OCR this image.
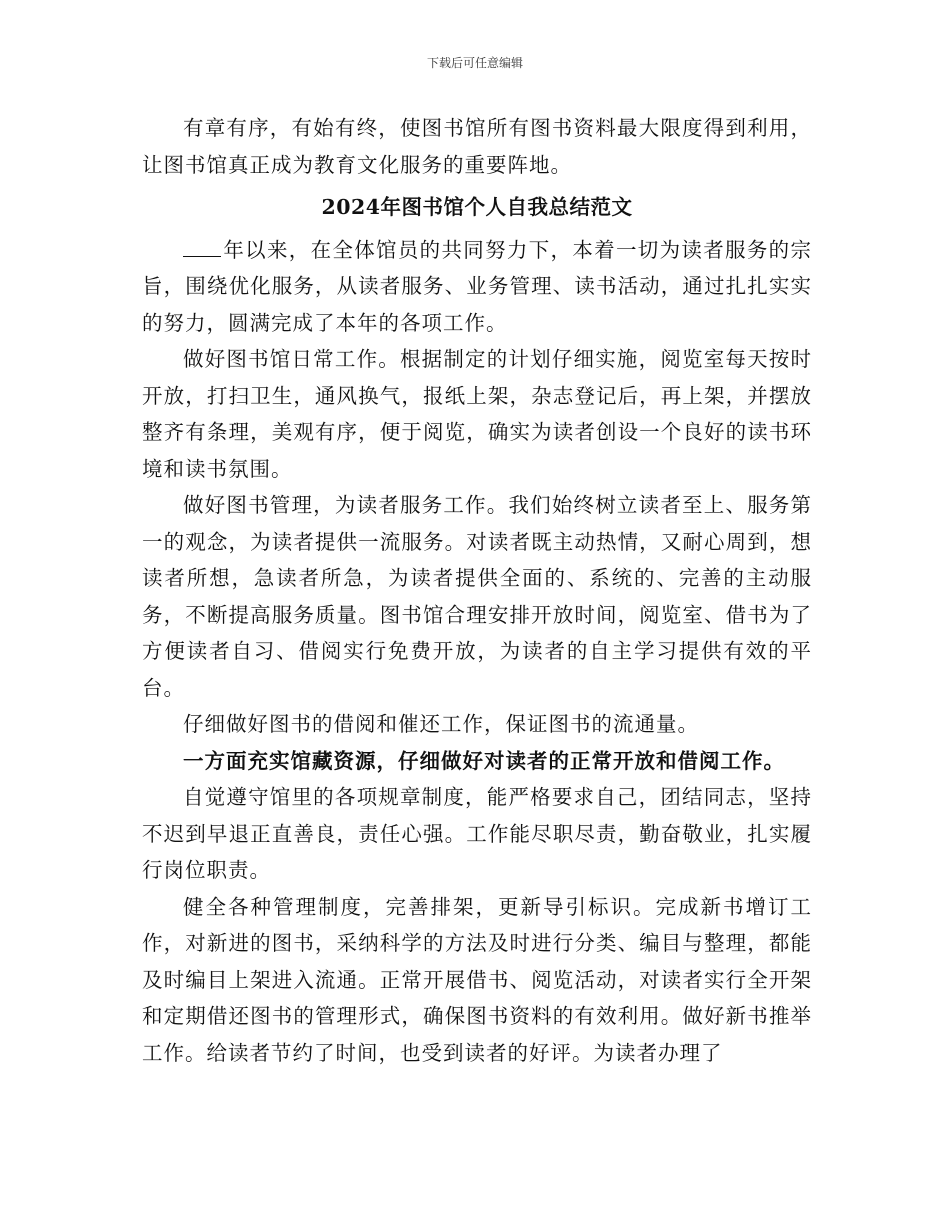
下载后可任意编辑

有章有序，有始有终，使图书馆所有图书资料最大限度得到利用，让图书馆真正成为教育文化服务的重要阵地。

2024年图书馆个人自我总结范文

年以来，在全体馆员的共同努力下，本着一切为读者服务的宗旨，围绕优化服务，从读者服务、业务管理、读书活动，通过扎扎实实的努力，圆满完成了本年的各项工作。

做好图书馆日常工作。根据制定的计划仔细实施，阅览室每天按时开放，打扫卫生，通风换气，报纸上架，杂志登记后，再上架，并摆放整齐有条理，美观有序，便于阅览，确实为读者创设一个良好的读书环境和读书氛围。

做好图书管理，为读者服务工作。我们始终树立读者至上、服务第一的观念，为读者提供一流服务。对读者既主动热情，又耐心周到，想读者所想，急读者所急，为读者提供全面的、系统的、完善的主动服务，不断提高服务质量。图书馆合理安排开放时间，阅览室、借书为了方便读者自习、借阅实行免费开放，为读者的自主学习提供有效的平台。

仔细做好图书的借阅和催还工作，保证图书的流通量。

一方面充实馆藏资源，仔细做好对读者的正常开放和借阅工作。

自觉遵守馆里的各项规章制度，能严格要求自己，团结同志，坚持不迟到早退正直善良，责任心强。工作能尽职尽责，勤奋敬业，扎实履行岗位职责。

健全各种管理制度，完善排架，更新导引标识。完成新书增订工作，对新进的图书，采纳科学的方法及时进行分类、编目与整理，都能及时编目上架进入流通。正常开展借书、阅览活动，对读者实行全开架和定期借还图书的管理形式，确保图书资料的有效利用。做好新书推举工作。给读者节约了时间，也受到读者的好评。为读者办理了
